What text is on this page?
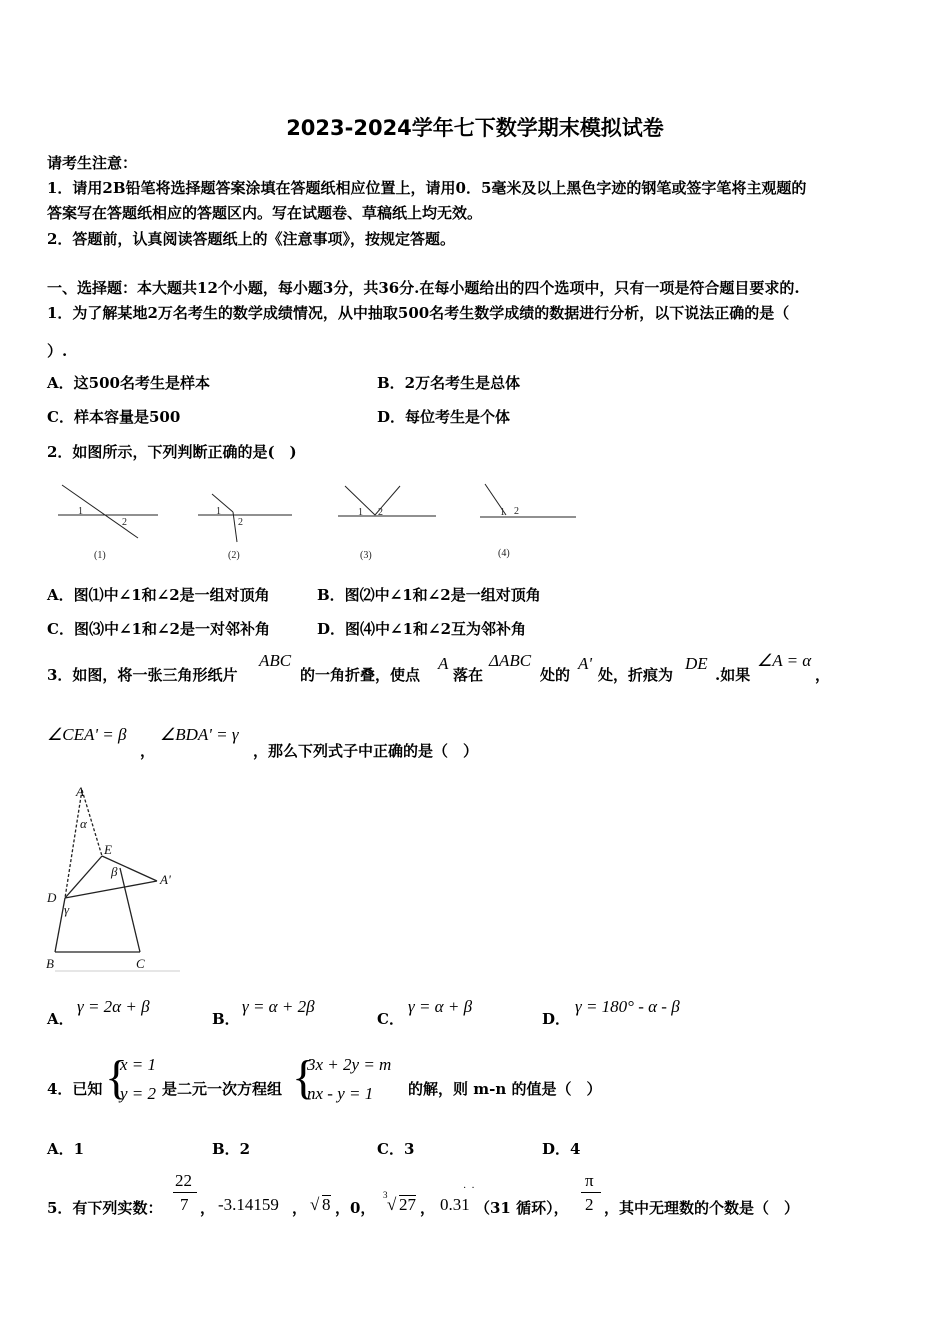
2023-2024学年七下数学期末模拟试卷
请考生注意：
1．请用2B铅笔将选择题答案涂填在答题纸相应位置上，请用0．5毫米及以上黑色字迹的钢笔或签字笔将主观题的
答案写在答题纸相应的答题区内。写在试题卷、草稿纸上均无效。
2．答题前，认真阅读答题纸上的《注意事项》，按规定答题。
一、选择题：本大题共12个小题，每小题3分，共36分.在每小题给出的四个选项中，只有一项是符合题目要求的.
1．为了解某地2万名考生的数学成绩情况，从中抽取500名考生数学成绩的数据进行分析，以下说法正确的是（
）.
A．这500名考生是样本	B．2万名考生是总体
C．样本容量是500	D．每位考生是个体
2．如图所示，下列判断正确的是(　)
1
2
(1)
1
2
(2)
1 2
(3)
1 2
(4)
A．图⑴中∠1和∠2是一组对顶角	B．图⑵中∠1和∠2是一组对顶角
C．图⑶中∠1和∠2是一对邻补角	D．图⑷中∠1和∠2互为邻补角
3．如图，将一张三角形纸片
ABC
的一角折叠，使点
A
落在
ΔABC
处的
A'
处，折痕为
DE
.如果
∠A = α
，
∠CEA' = β
，
∠BDA' = γ
，那么下列式子中正确的是（　）
A
α
E
β
A'
D
γ
B	C
A．
γ = 2α + β
B．
γ = α + 2β
C．
γ = α + β
D．
γ = 180° - α - β
4．已知 {
x = 1
y = 2 是二元一次方程组 {
3x + 2y = m
nx - y = 1 的解，则 m-n 的值是（　）
A．1	B．2	C．3	D．4
5．有下列实数：
22
7 ， -3.14159 ， √ 8 ，0，
3 √ 27 ， 0.31
·  ·
（31 循环），
π
2 ，其中无理数的个数是（　）
